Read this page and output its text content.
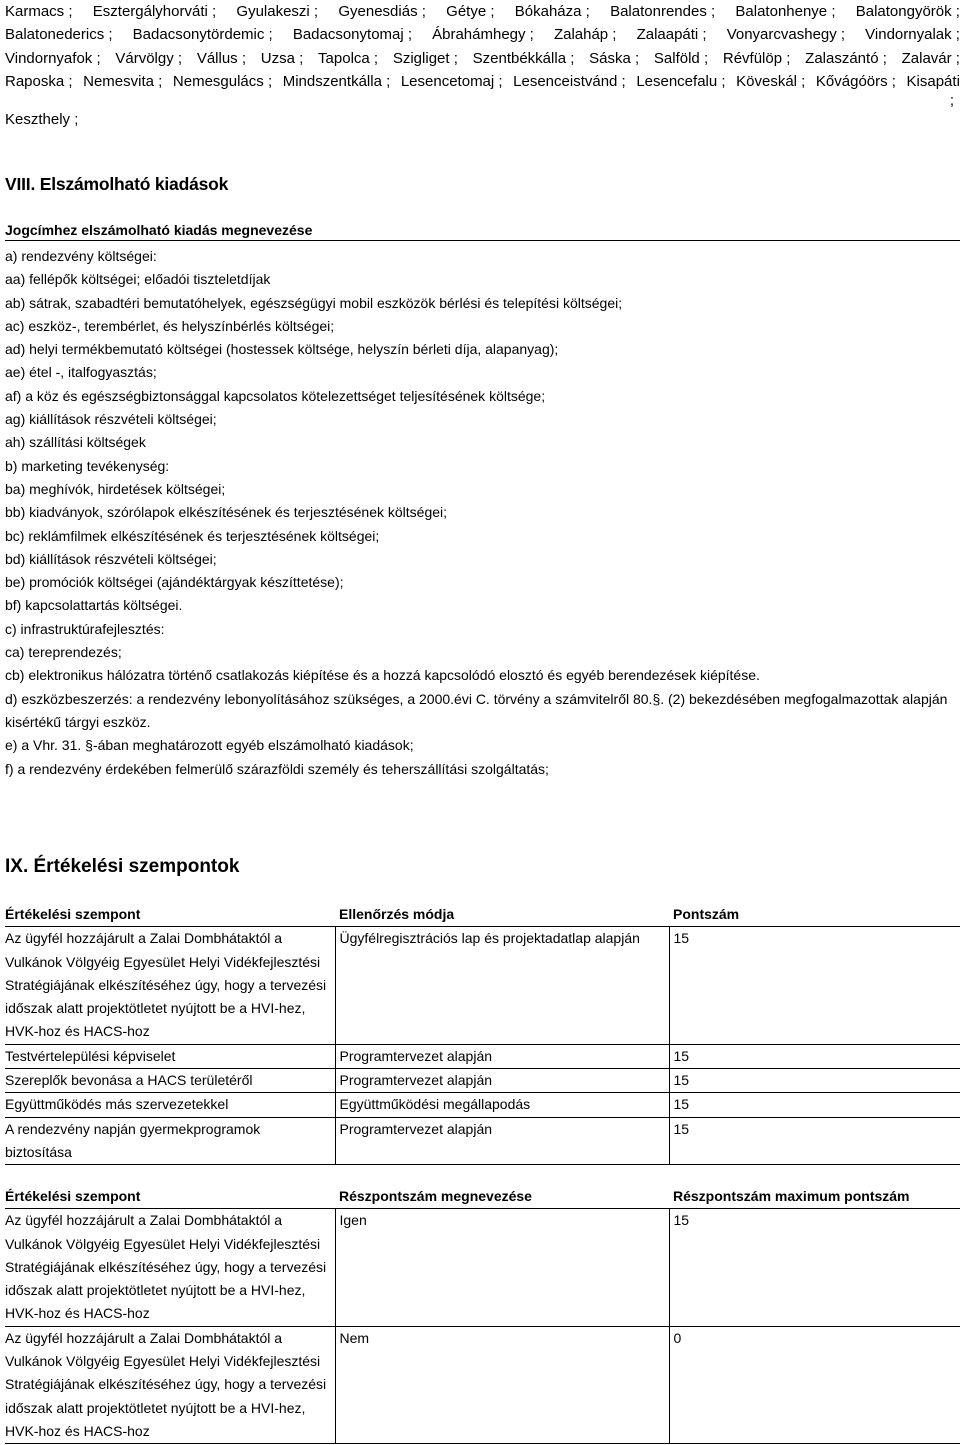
Karmacs ; Esztergályhorváti ; Gyulakeszi ; Gyenesdiás ; Gétye ; Bókaháza ; Balatonrendes ; Balatonhenye ; Balatongyörök ;
Balatonederics ; Badacsonytördemic ; Badacsonytomaj ; Ábrahámhegy ; Zalaháp ; Zalaapáti ; Vonyarcvashegy ; Vindornyalak ;
Vindornyafok ; Várvölgy ; Vállus ; Uzsa ; Tapolca ; Szigliget ; Szentbékkálla ; Sáska ; Salföld ; Révfülöp ; Zalaszántó ; Zalavár ;
Raposka ; Nemesvita ; Nemesgulács ; Mindszentkálla ; Lesencetomaj ; Lesenceistvánd ; Lesencefalu ; Köveskál ; Kővágóörs ; Kisapáti
;
Keszthely ;
VIII. Elszámolható kiadások
Jogcímhez elszámolható kiadás megnevezése
a) rendezvény költségei:
aa) fellépők költségei; előadói tiszteletdíjak
ab) sátrak, szabadtéri bemutatóhelyek, egészségügyi mobil eszközök bérlési és telepítési költségei;
ac) eszköz-, terembérlet, és helyszínbérlés költségei;
ad) helyi termékbemutató költségei (hostessek költsége, helyszín bérleti díja, alapanyag);
ae) étel -, italfogyasztás;
af) a köz és egészségbiztonsággal kapcsolatos kötelezettséget teljesítésének költsége;
ag) kiállítások részvételi költségei;
ah) szállítási költségek
b) marketing tevékenység:
ba) meghívók, hirdetések költségei;
bb) kiadványok, szórólapok elkészítésének és terjesztésének költségei;
bc) reklámfilmek elkészítésének és terjesztésének költségei;
bd) kiállítások részvételi költségei;
be) promóciók költségei (ajándéktárgyak készíttetése);
bf) kapcsolattartás költségei.
c) infrastruktúrafejlesztés:
ca) tereprendezés;
cb) elektronikus hálózatra történő csatlakozás kiépítése és a hozzá kapcsolódó elosztó és egyéb berendezések kiépítése.
d) eszközbeszerzés: a rendezvény lebonyolításához szükséges, a 2000.évi C. törvény a számvitelről 80.§. (2) bekezdésében megfogalmazottak alapján
kisértékű tárgyi eszköz.
e) a Vhr. 31. §-ában meghatározott egyéb elszámolható kiadások;
f) a rendezvény érdekében felmerülő szárazföldi személy és teherszállítási szolgáltatás;
IX. Értékelési szempontok
Értékelési szempont	Ellenőrzés módja	Pontszám
Az ügyfél hozzájárult a Zalai Dombhátaktól a Vulkánok Völgyéig Egyesület Helyi Vidékfejlesztési Stratégiájának elkészítéséhez úgy, hogy a tervezési időszak alatt projektötletet nyújtott be a HVI-hez, HVK-hoz és HACS-hoz	Ügyfélregisztrációs lap és projektadatlap alapján	15
Testvértelepülési képviselet	Programtervezet alapján	15
Szereplők bevonása a HACS területéről	Programtervezet alapján	15
Együttműködés más szervezetekkel	Együttműködési megállapodás	15
A rendezvény napján gyermekprogramok biztosítása	Programtervezet alapján	15
Értékelési szempont	Részpontszám megnevezése	Részpontszám maximum pontszám
Az ügyfél hozzájárult a Zalai Dombhátaktól a Vulkánok Völgyéig Egyesület Helyi Vidékfejlesztési Stratégiájának elkészítéséhez úgy, hogy a tervezési időszak alatt projektötletet nyújtott be a HVI-hez, HVK-hoz és HACS-hoz	Igen	15
Az ügyfél hozzájárult a Zalai Dombhátaktól a Vulkánok Völgyéig Egyesület Helyi Vidékfejlesztési Stratégiájának elkészítéséhez úgy, hogy a tervezési időszak alatt projektötletet nyújtott be a HVI-hez, HVK-hoz és HACS-hoz	Nem	0
